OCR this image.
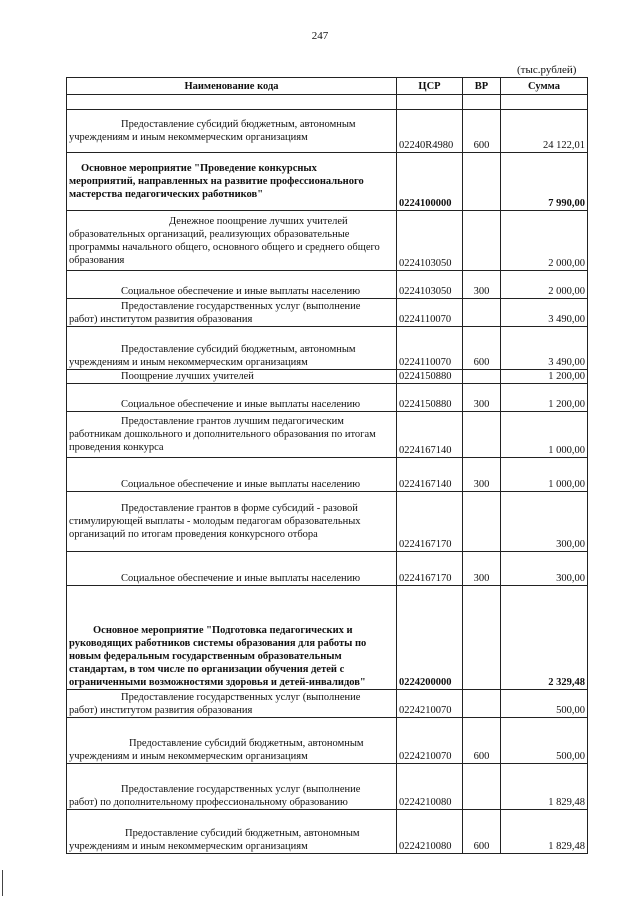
247
(тыс.рублей)
Наименование кода	ЦСР	ВР	Сумма

Предоставление субсидий бюджетным, автономным
учреждениям и иным некоммерческим организациям	02240R4980	600	24 122,01

Основное мероприятие "Проведение конкурсных
мероприятий, направленных на развитие профессионального мастерства педагогических работников"	0224100000		7 990,00

Денежное поощрение лучших учителей
образовательных организаций, реализующих образовательные программы начального общего, основного общего и среднего общего образования	0224103050		2 000,00

Социальное обеспечение и иные выплаты населению	0224103050	300	2 000,00

Предоставление государственных услуг (выполнение
работ) институтом развития образования	0224110070		3 490,00

Предоставление субсидий бюджетным, автономным
учреждениям и иным некоммерческим организациям	0224110070	600	3 490,00

Поощрение лучших учителей	0224150880		1 200,00

Социальное обеспечение и иные выплаты населению	0224150880	300	1 200,00

Предоставление грантов лучшим педагогическим
работникам дошкольного и дополнительного образования по итогам проведения конкурса	0224167140		1 000,00

Социальное обеспечение и иные выплаты населению	0224167140	300	1 000,00

Предоставление грантов в форме субсидий - разовой
стимулирующей выплаты - молодым педагогам образовательных организаций по итогам проведения конкурсного отбора	0224167170		300,00

Социальное обеспечение и иные выплаты населению	0224167170	300	300,00

Основное мероприятие "Подготовка педагогических и
руководящих работников системы образования для работы по новым федеральным государственным образовательным стандартам, в том числе по организации обучения детей с ограниченными возможностями здоровья и детей-инвалидов"	0224200000		2 329,48

Предоставление государственных услуг (выполнение
работ) институтом развития образования	0224210070		500,00

Предоставление субсидий бюджетным, автономным
учреждениям и иным некоммерческим организациям	0224210070	600	500,00

Предоставление государственных услуг (выполнение
работ) по дополнительному профессиональному образованию	0224210080		1 829,48

Предоставление субсидий бюджетным, автономным
учреждениям и иным некоммерческим организациям	0224210080	600	1 829,48
